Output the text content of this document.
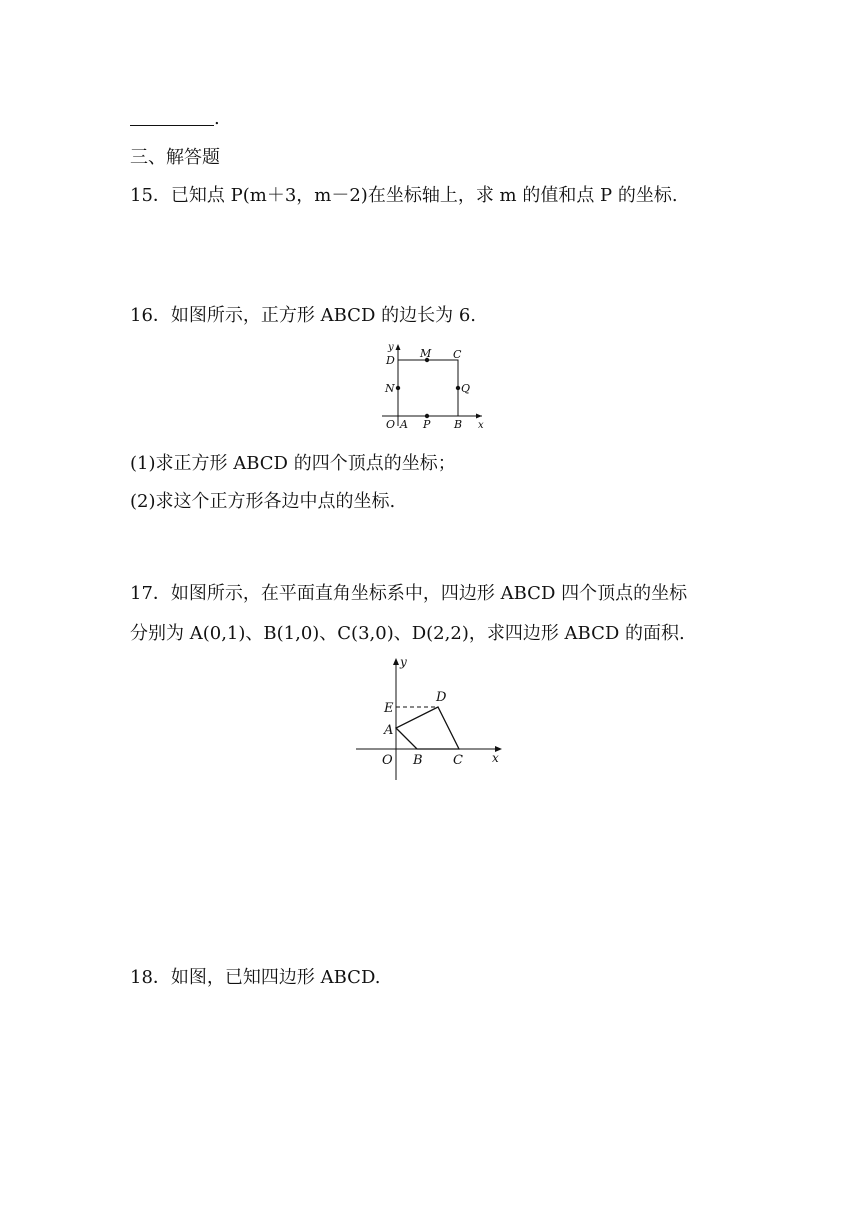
.
三、解答题
15．已知点 P(m＋3，m－2)在坐标轴上，求 m 的值和点 P 的坐标.
16．如图所示，正方形 ABCD 的边长为 6.
y
x
D
M C
N	Q
O A P B
(1)求正方形 ABCD 的四个顶点的坐标；
(2)求这个正方形各边中点的坐标.
17．如图所示，在平面直角坐标系中，四边形 ABCD 四个顶点的坐标
分别为 A(0,1)、B(1,0)、C(3,0)、D(2,2)，求四边形 ABCD 的面积.
y
x
D
E
A
O B C
18．如图，已知四边形 ABCD.
